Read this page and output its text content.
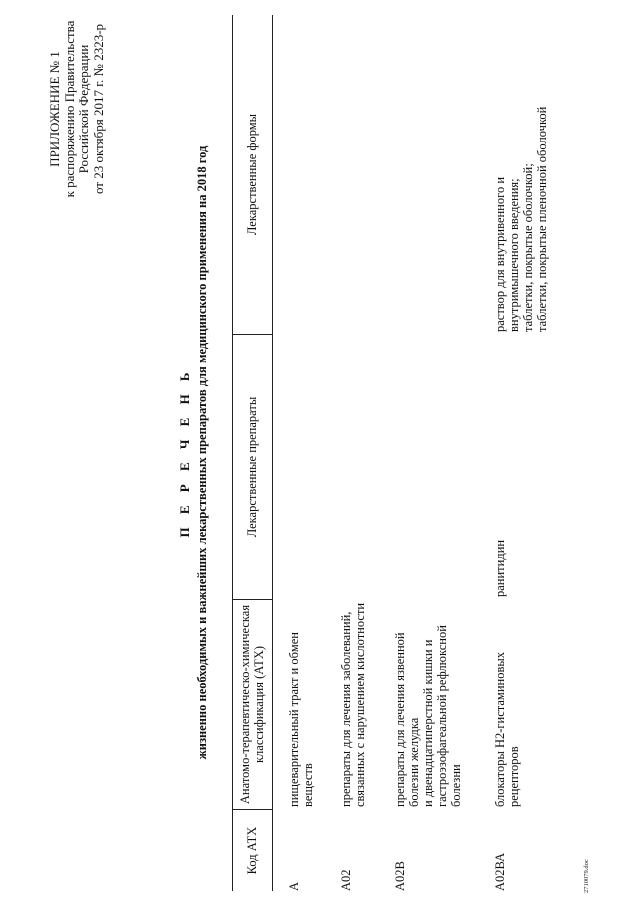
ПРИЛОЖЕНИЕ № 1 к распоряжению Правительства Российской Федерации от 23 октября 2017 г. № 2323-р
П Е Р Е Ч Е Н Ь жизненно необходимых и важнейших лекарственных препаратов для медицинского применения на 2018 год
Код АТХ
Анатомо-терапевтическо-химическая классификация (АТХ)
Лекарственные препараты
Лекарственные формы
А
пищеварительный тракт и обмен веществ
А02
препараты для лечения заболеваний, связанных с нарушением кислотности
А02В
препараты для лечения язвенной болезни желудка и двенадцатиперстной кишки и гастроэзофагеальной рефлюксной болезни
А02ВА
блокаторы Н2-гистаминовых рецепторов
ранитидин
раствор для внутривенного и внутримышечного введения; таблетки, покрытые оболочкой; таблетки, покрытые пленочной оболочкой
2710079.doc
